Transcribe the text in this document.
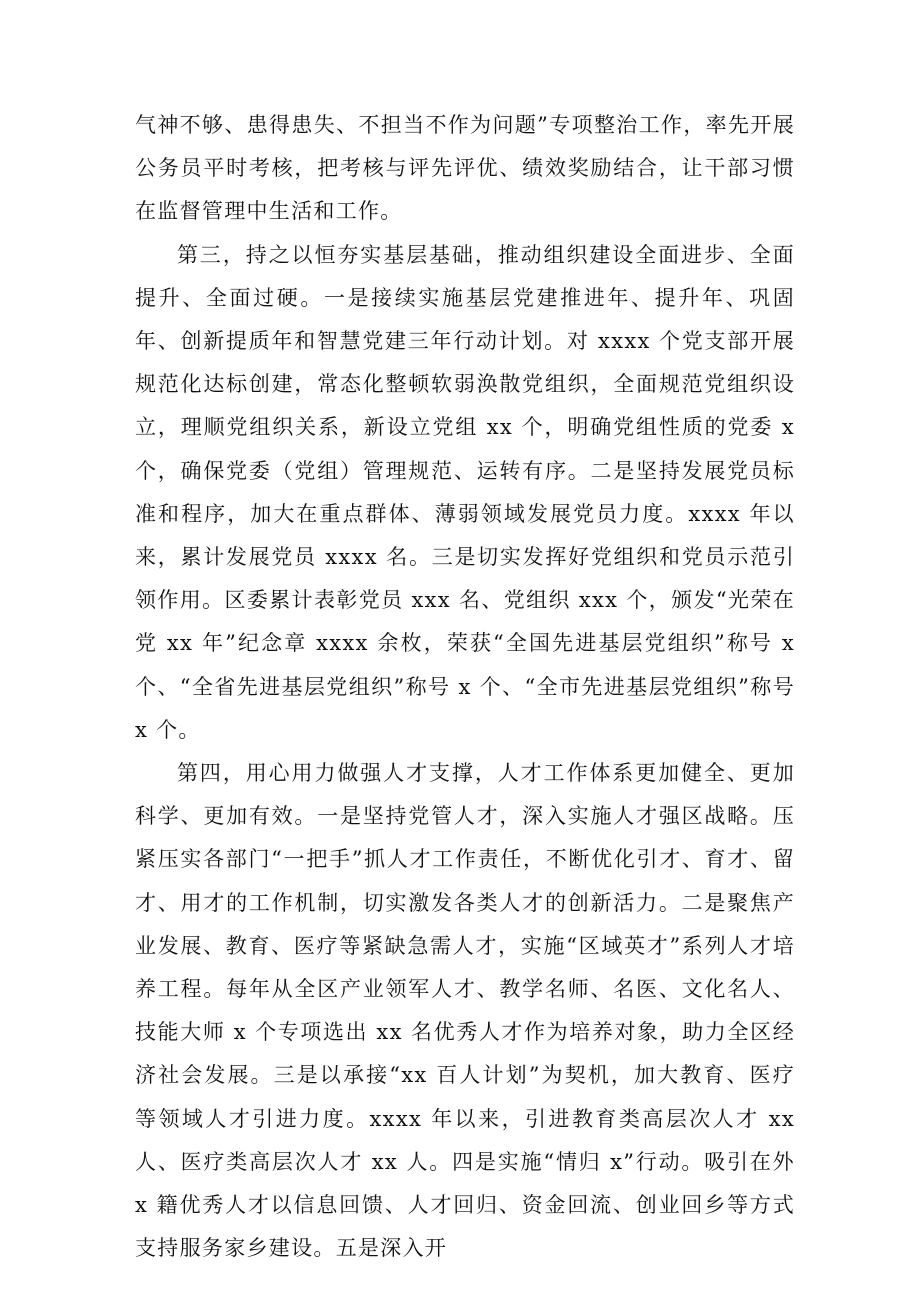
气神不够、患得患失、不担当不作为问题”专项整治工作，率先开展公务员平时考核，把考核与评先评优、绩效奖励结合，让干部习惯在监督管理中生活和工作。

第三，持之以恒夯实基层基础，推动组织建设全面进步、全面提升、全面过硬。一是接续实施基层党建推进年、提升年、巩固年、创新提质年和智慧党建三年行动计划。对 xxxx 个党支部开展规范化达标创建，常态化整顿软弱涣散党组织，全面规范党组织设立，理顺党组织关系，新设立党组 xx 个，明确党组性质的党委 x 个，确保党委（党组）管理规范、运转有序。二是坚持发展党员标准和程序，加大在重点群体、薄弱领域发展党员力度。xxxx 年以来，累计发展党员 xxxx 名。三是切实发挥好党组织和党员示范引领作用。区委累计表彰党员 xxx 名、党组织 xxx 个，颁发“光荣在党 xx 年”纪念章 xxxx 余枚，荣获“全国先进基层党组织”称号 x 个、“全省先进基层党组织”称号 x 个、“全市先进基层党组织”称号 x 个。

第四，用心用力做强人才支撑，人才工作体系更加健全、更加科学、更加有效。一是坚持党管人才，深入实施人才强区战略。压紧压实各部门“一把手”抓人才工作责任，不断优化引才、育才、留才、用才的工作机制，切实激发各类人才的创新活力。二是聚焦产业发展、教育、医疗等紧缺急需人才，实施“区域英才”系列人才培养工程。每年从全区产业领军人才、教学名师、名医、文化名人、技能大师 x 个专项选出 xx 名优秀人才作为培养对象，助力全区经济社会发展。三是以承接“xx 百人计划”为契机，加大教育、医疗等领域人才引进力度。xxxx 年以来，引进教育类高层次人才 xx 人、医疗类高层次人才 xx 人。四是实施“情归 x”行动。吸引在外 x 籍优秀人才以信息回馈、人才回归、资金回流、创业回乡等方式支持服务家乡建设。五是深入开
